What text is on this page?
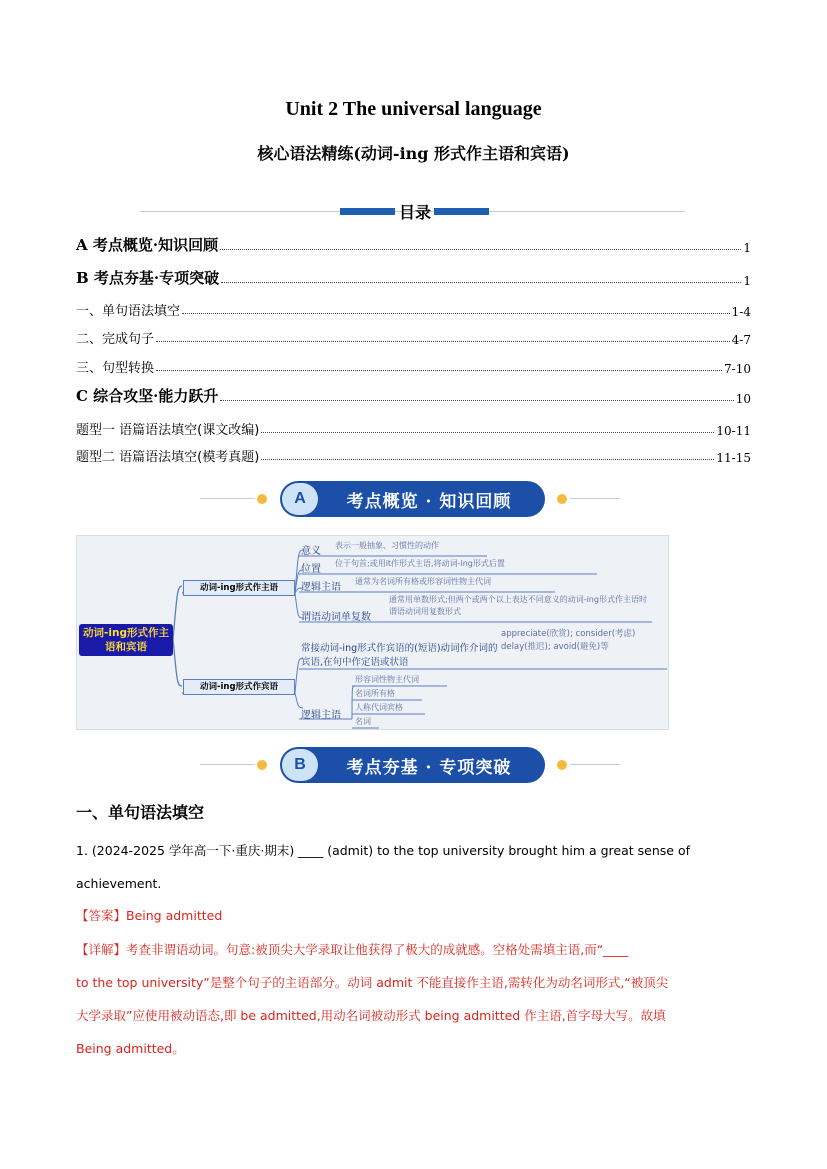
Unit 2 The universal language
核心语法精练(动词-ing 形式作主语和宾语)
目录
A 考点概览·知识回顾	1
B 考点夯基·专项突破	1
一、单句语法填空	1-4
二、完成句子	4-7
三、句型转换	7-10
C 综合攻坚·能力跃升	10
题型一 语篇语法填空(课文改编)	10-11
题型二 语篇语法填空(模考真题)	11-15
A	考点概览 · 知识回顾
动词-ing形式作主语和宾语
动词-ing形式作主语
动词-ing形式作宾语
意义
表示一般抽象、习惯性的动作
位置
位于句首;或用it作形式主语,将动词-ing形式后置
逻辑主语
通常为名词所有格或形容词性物主代词
谓语动词单复数
通常用单数形式;但两个或两个以上表达不同意义的动词-ing形式作主语时谓语动词用复数形式
常接动词-ing形式作宾语的(短语)动词作介词的宾语,在句中作定语或状语
appreciate(欣赏); consider(考虑) delay(推迟); avoid(避免)等
逻辑主语
形容词性物主代词
名词所有格
人称代词宾格
名词
B	考点夯基 · 专项突破
一、单句语法填空
1. (2024-2025 学年高一下·重庆·期末) ____ (admit) to the top university brought him a great sense of
achievement.
【答案】Being admitted
【详解】考查非谓语动词。句意:被顶尖大学录取让他获得了极大的成就感。空格处需填主语,而“____
to the top university”是整个句子的主语部分。动词 admit 不能直接作主语,需转化为动名词形式,“被顶尖
大学录取”应使用被动语态,即 be admitted,用动名词被动形式 being admitted 作主语,首字母大写。故填
Being admitted。
